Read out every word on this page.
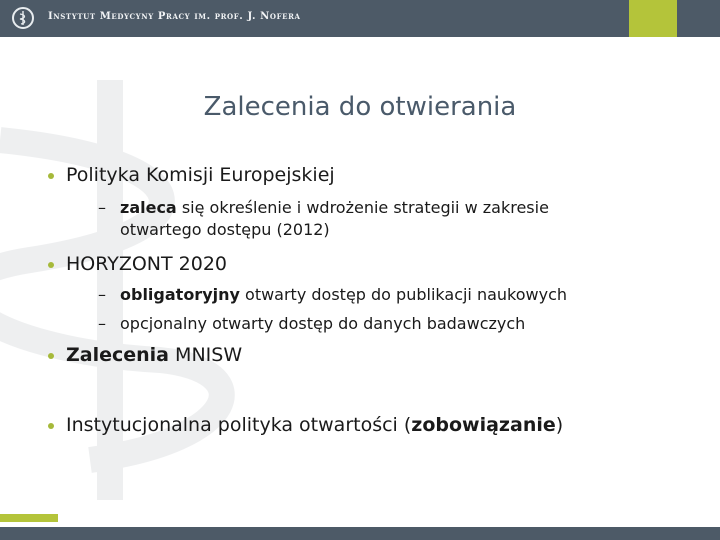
Instytut Medycyny Pracy im. prof. J. Nofera
Zalecenia do otwierania
Polityka Komisji Europejskiej
– zaleca się określenie i wdrożenie strategii w zakresie
otwartego dostępu (2012)
HORYZONT 2020
– obligatoryjny otwarty dostęp do publikacji naukowych
– opcjonalny otwarty dostęp do danych badawczych
Zalecenia MNISW
Instytucjonalna polityka otwartości (zobowiązanie)
